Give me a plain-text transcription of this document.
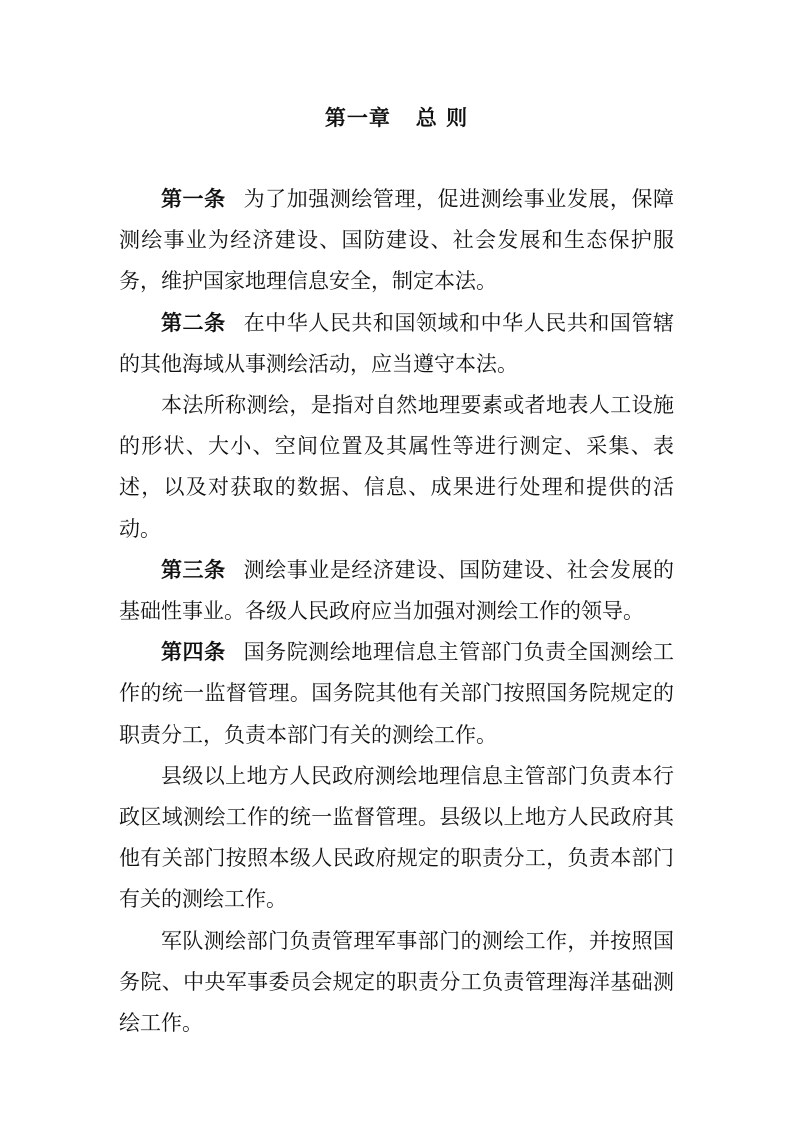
第一章   总 则

第一条 为了加强测绘管理，促进测绘事业发展，保障测绘事业为经济建设、国防建设、社会发展和生态保护服务，维护国家地理信息安全，制定本法。

第二条 在中华人民共和国领域和中华人民共和国管辖的其他海域从事测绘活动，应当遵守本法。

本法所称测绘，是指对自然地理要素或者地表人工设施的形状、大小、空间位置及其属性等进行测定、采集、表述，以及对获取的数据、信息、成果进行处理和提供的活动。

第三条 测绘事业是经济建设、国防建设、社会发展的基础性事业。各级人民政府应当加强对测绘工作的领导。

第四条 国务院测绘地理信息主管部门负责全国测绘工作的统一监督管理。国务院其他有关部门按照国务院规定的职责分工，负责本部门有关的测绘工作。

县级以上地方人民政府测绘地理信息主管部门负责本行政区域测绘工作的统一监督管理。县级以上地方人民政府其他有关部门按照本级人民政府规定的职责分工，负责本部门有关的测绘工作。

军队测绘部门负责管理军事部门的测绘工作，并按照国务院、中央军事委员会规定的职责分工负责管理海洋基础测绘工作。
